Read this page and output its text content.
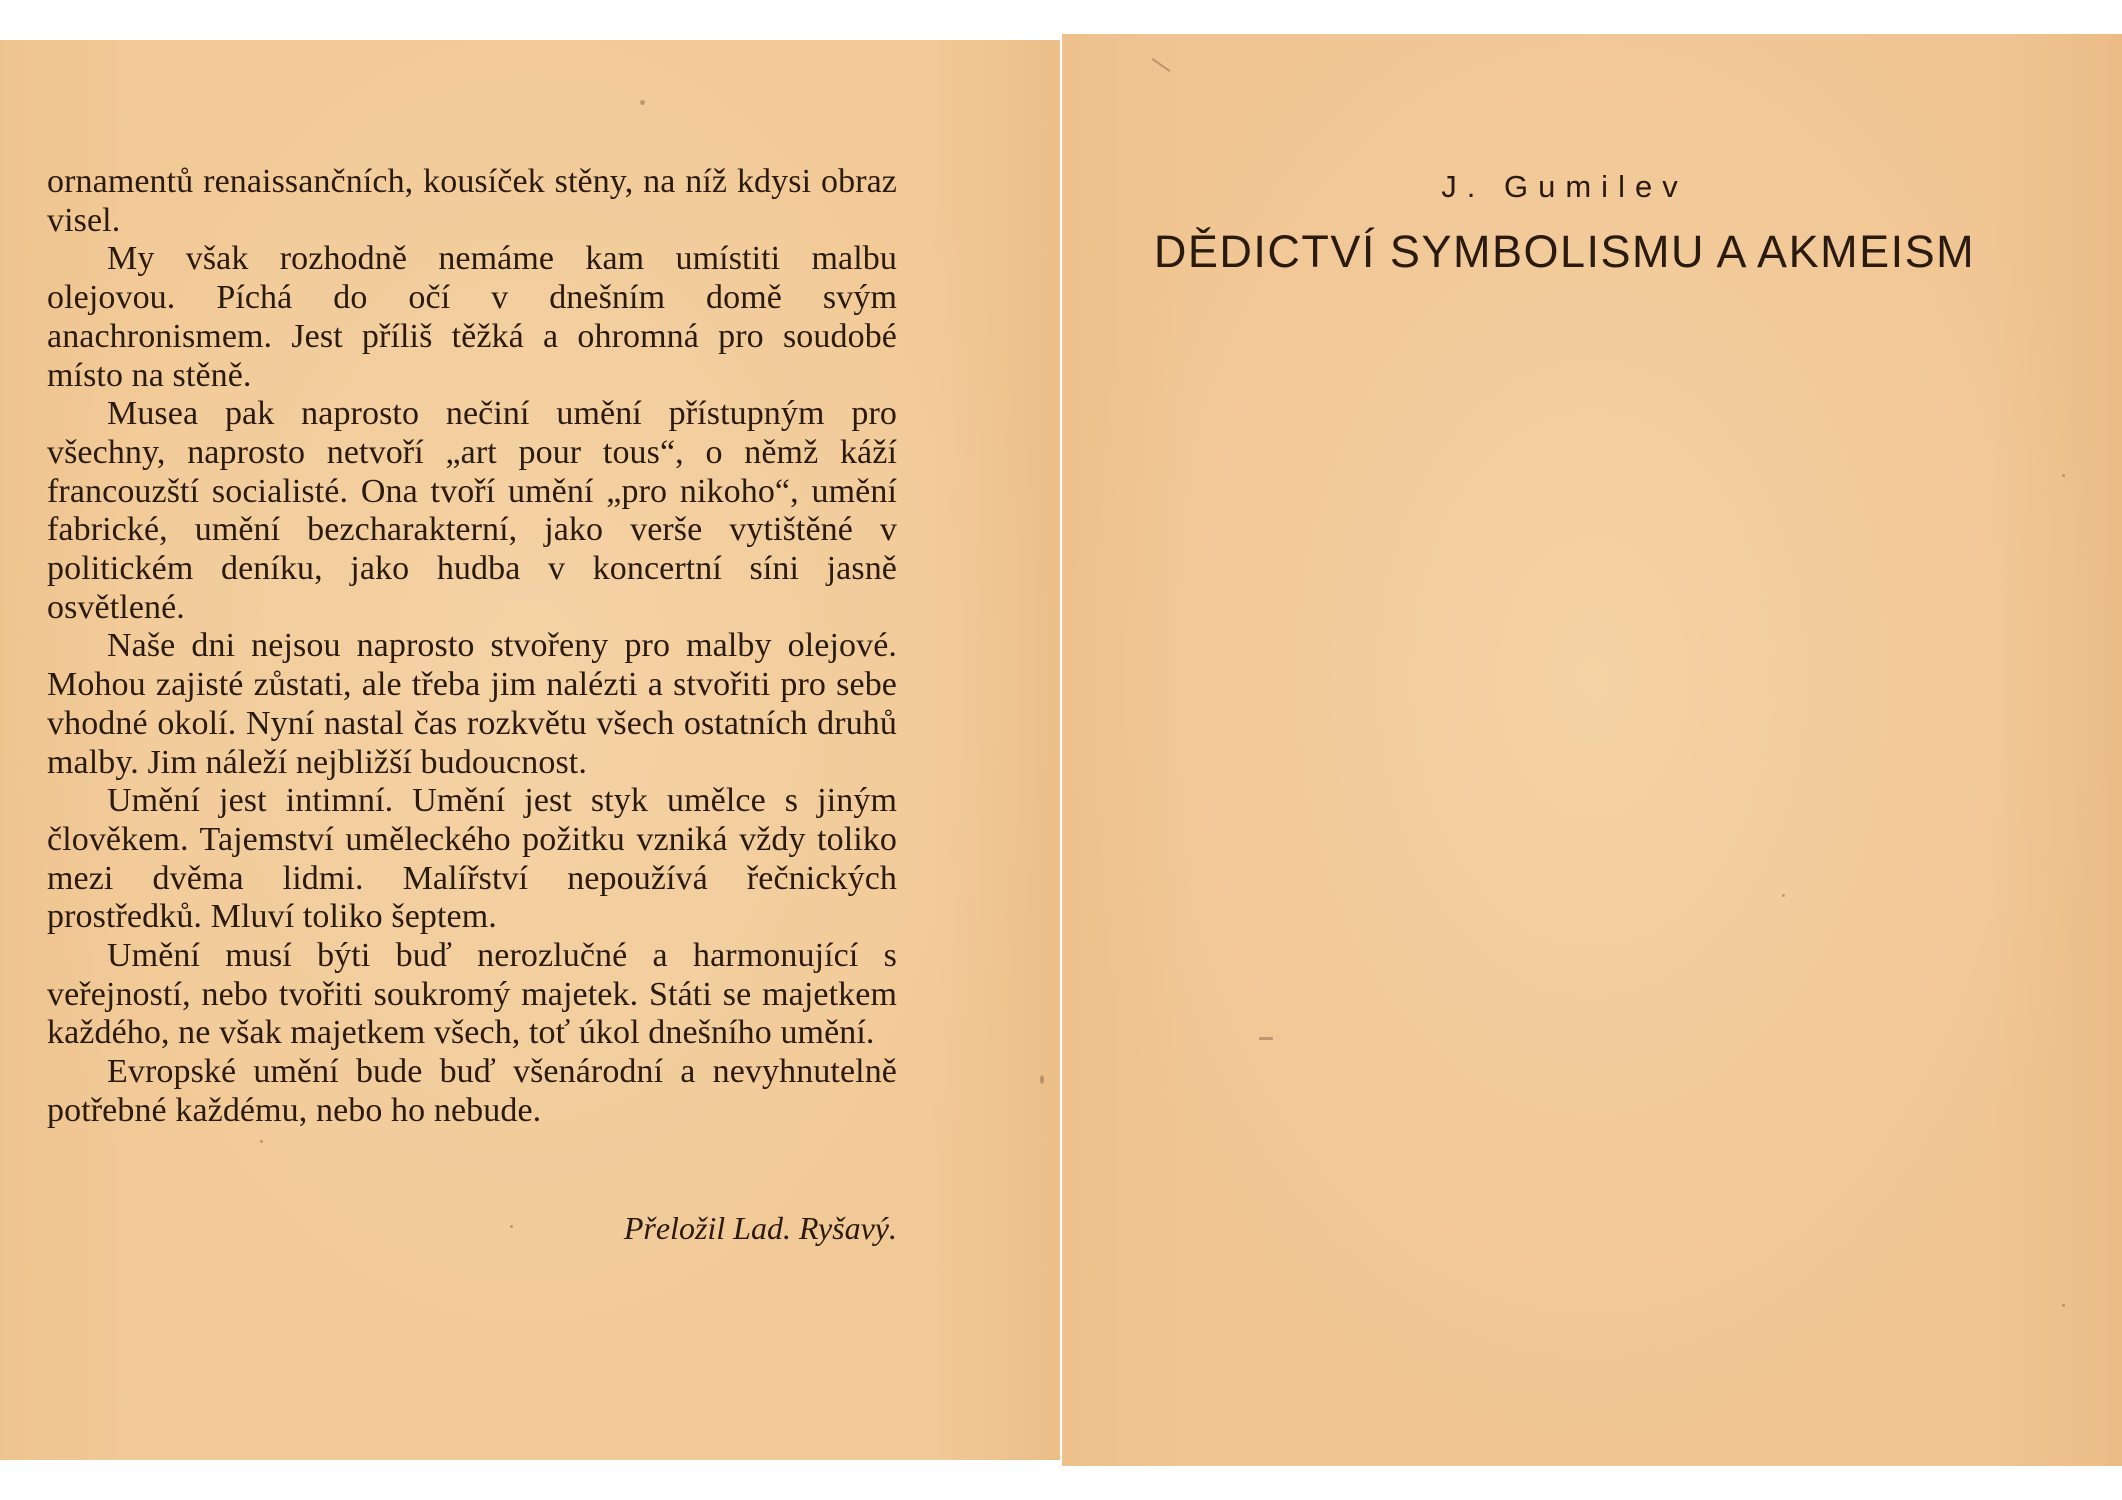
ornamentů renaissančních, kousíček stěny, na níž kdysi obraz visel.

My však rozhodně nemáme kam umístiti malbu olejovou. Píchá do očí v dnešním domě svým anachronismem. Jest příliš těžká a ohromná pro soudobé místo na stěně.

Musea pak naprosto nečiní umění přístupným pro všechny, naprosto netvoří „art pour tous“, o němž káží francouzští socialisté. Ona tvoří umění „pro nikoho“, umění fabrické, umění bezcharakterní, jako verše vytištěné v politickém deníku, jako hudba v koncertní síni jasně osvětlené.

Naše dni nejsou naprosto stvořeny pro malby olejové. Mohou zajisté zůstati, ale třeba jim nalézti a stvořiti pro sebe vhodné okolí. Nyní nastal čas rozkvětu všech ostatních druhů malby. Jim náleží nejbližší budoucnost.

Umění jest intimní. Umění jest styk umělce s jiným člověkem. Tajemství uměleckého požitku vzniká vždy toliko mezi dvěma lidmi. Malířství nepoužívá řečnických prostředků. Mluví toliko šeptem.

Umění musí býti buď nerozlučné a harmonující s veřejností, nebo tvořiti soukromý majetek. Státi se majetkem každého, ne však majetkem všech, toť úkol dnešního umění.

Evropské umění bude buď všenárodní a nevyhnutelně potřebné každému, nebo ho nebude.

Přeložil Lad. Ryšavý.
J. Gumilev
DĚDICTVÍ SYMBOLISMU A AKMEISM
